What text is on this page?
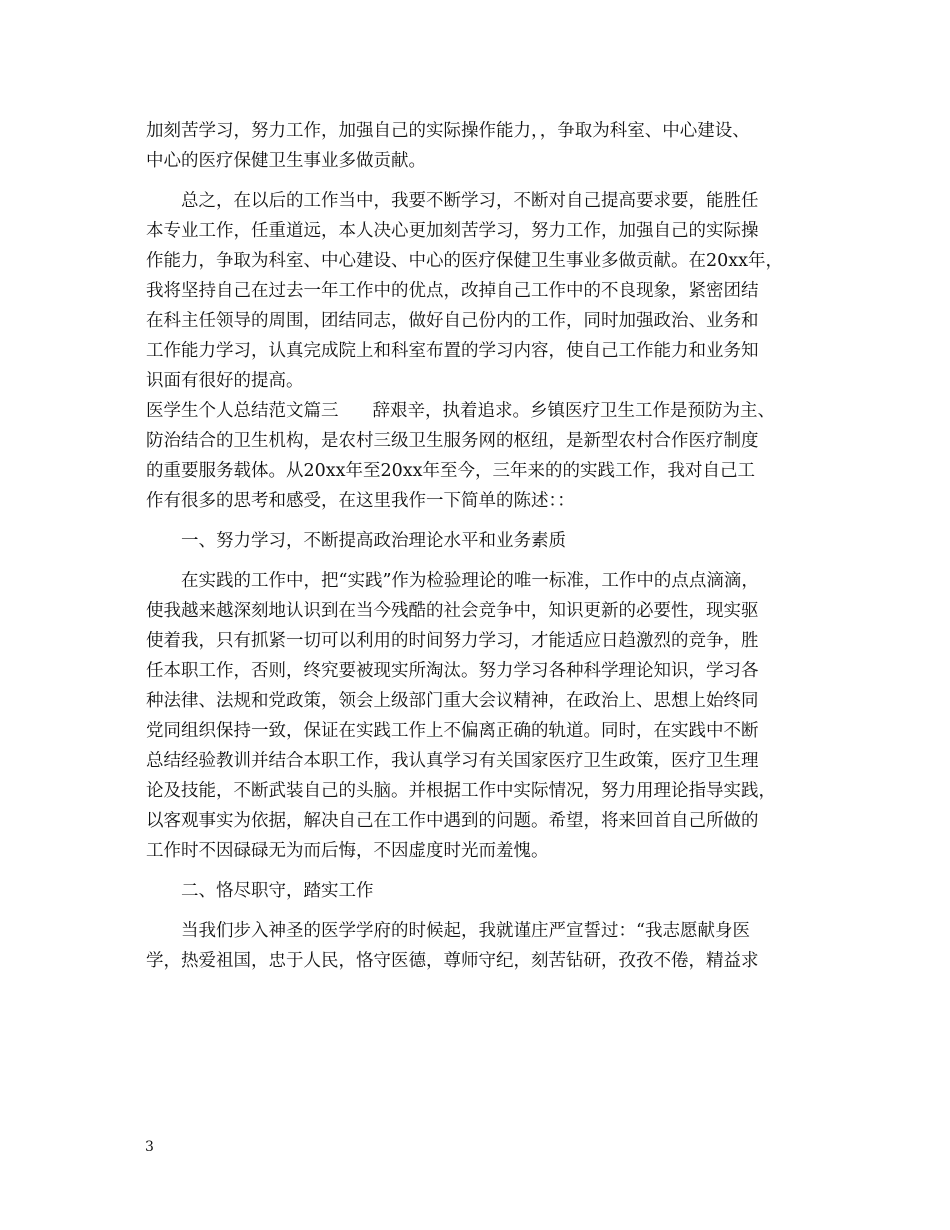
加刻苦学习，努力工作，加强自己的实际操作能力，，争取为科室、中心建设、
中心的医疗保健卫生事业多做贡献。
总之，在以后的工作当中，我要不断学习，不断对自己提高要求要，能胜任
本专业工作，任重道远，本人决心更加刻苦学习，努力工作，加强自己的实际操
作能力，争取为科室、中心建设、中心的医疗保健卫生事业多做贡献。在20xx年，
我将坚持自己在过去一年工作中的优点，改掉自己工作中的不良现象，紧密团结
在科主任领导的周围，团结同志，做好自己份内的工作，同时加强政治、业务和
工作能力学习，认真完成院上和科室布置的学习内容，使自己工作能力和业务知
识面有很好的提高。
医学生个人总结范文篇三 辞艰辛，执着追求。乡镇医疗卫生工作是预防为主、
防治结合的卫生机构，是农村三级卫生服务网的枢纽，是新型农村合作医疗制度
的重要服务载体。从20xx年至20xx年至今，三年来的的实践工作，我对自己工
作有很多的思考和感受，在这里我作一下简单的陈述：：
一、努力学习，不断提高政治理论水平和业务素质
在实践的工作中，把“实践”作为检验理论的唯一标准，工作中的点点滴滴，
使我越来越深刻地认识到在当今残酷的社会竞争中，知识更新的必要性，现实驱
使着我，只有抓紧一切可以利用的时间努力学习，才能适应日趋激烈的竞争，胜
任本职工作，否则，终究要被现实所淘汰。努力学习各种科学理论知识，学习各
种法律、法规和党政策，领会上级部门重大会议精神，在政治上、思想上始终同
党同组织保持一致，保证在实践工作上不偏离正确的轨道。同时，在实践中不断
总结经验教训并结合本职工作，我认真学习有关国家医疗卫生政策，医疗卫生理
论及技能，不断武装自己的头脑。并根据工作中实际情况，努力用理论指导实践，
以客观事实为依据，解决自己在工作中遇到的问题。希望，将来回首自己所做的
工作时不因碌碌无为而后悔，不因虚度时光而羞愧。
二、恪尽职守，踏实工作
当我们步入神圣的医学学府的时候起，我就谨庄严宣誓过：“我志愿献身医
学，热爱祖国，忠于人民，恪守医德，尊师守纪，刻苦钻研，孜孜不倦，精益求
3
